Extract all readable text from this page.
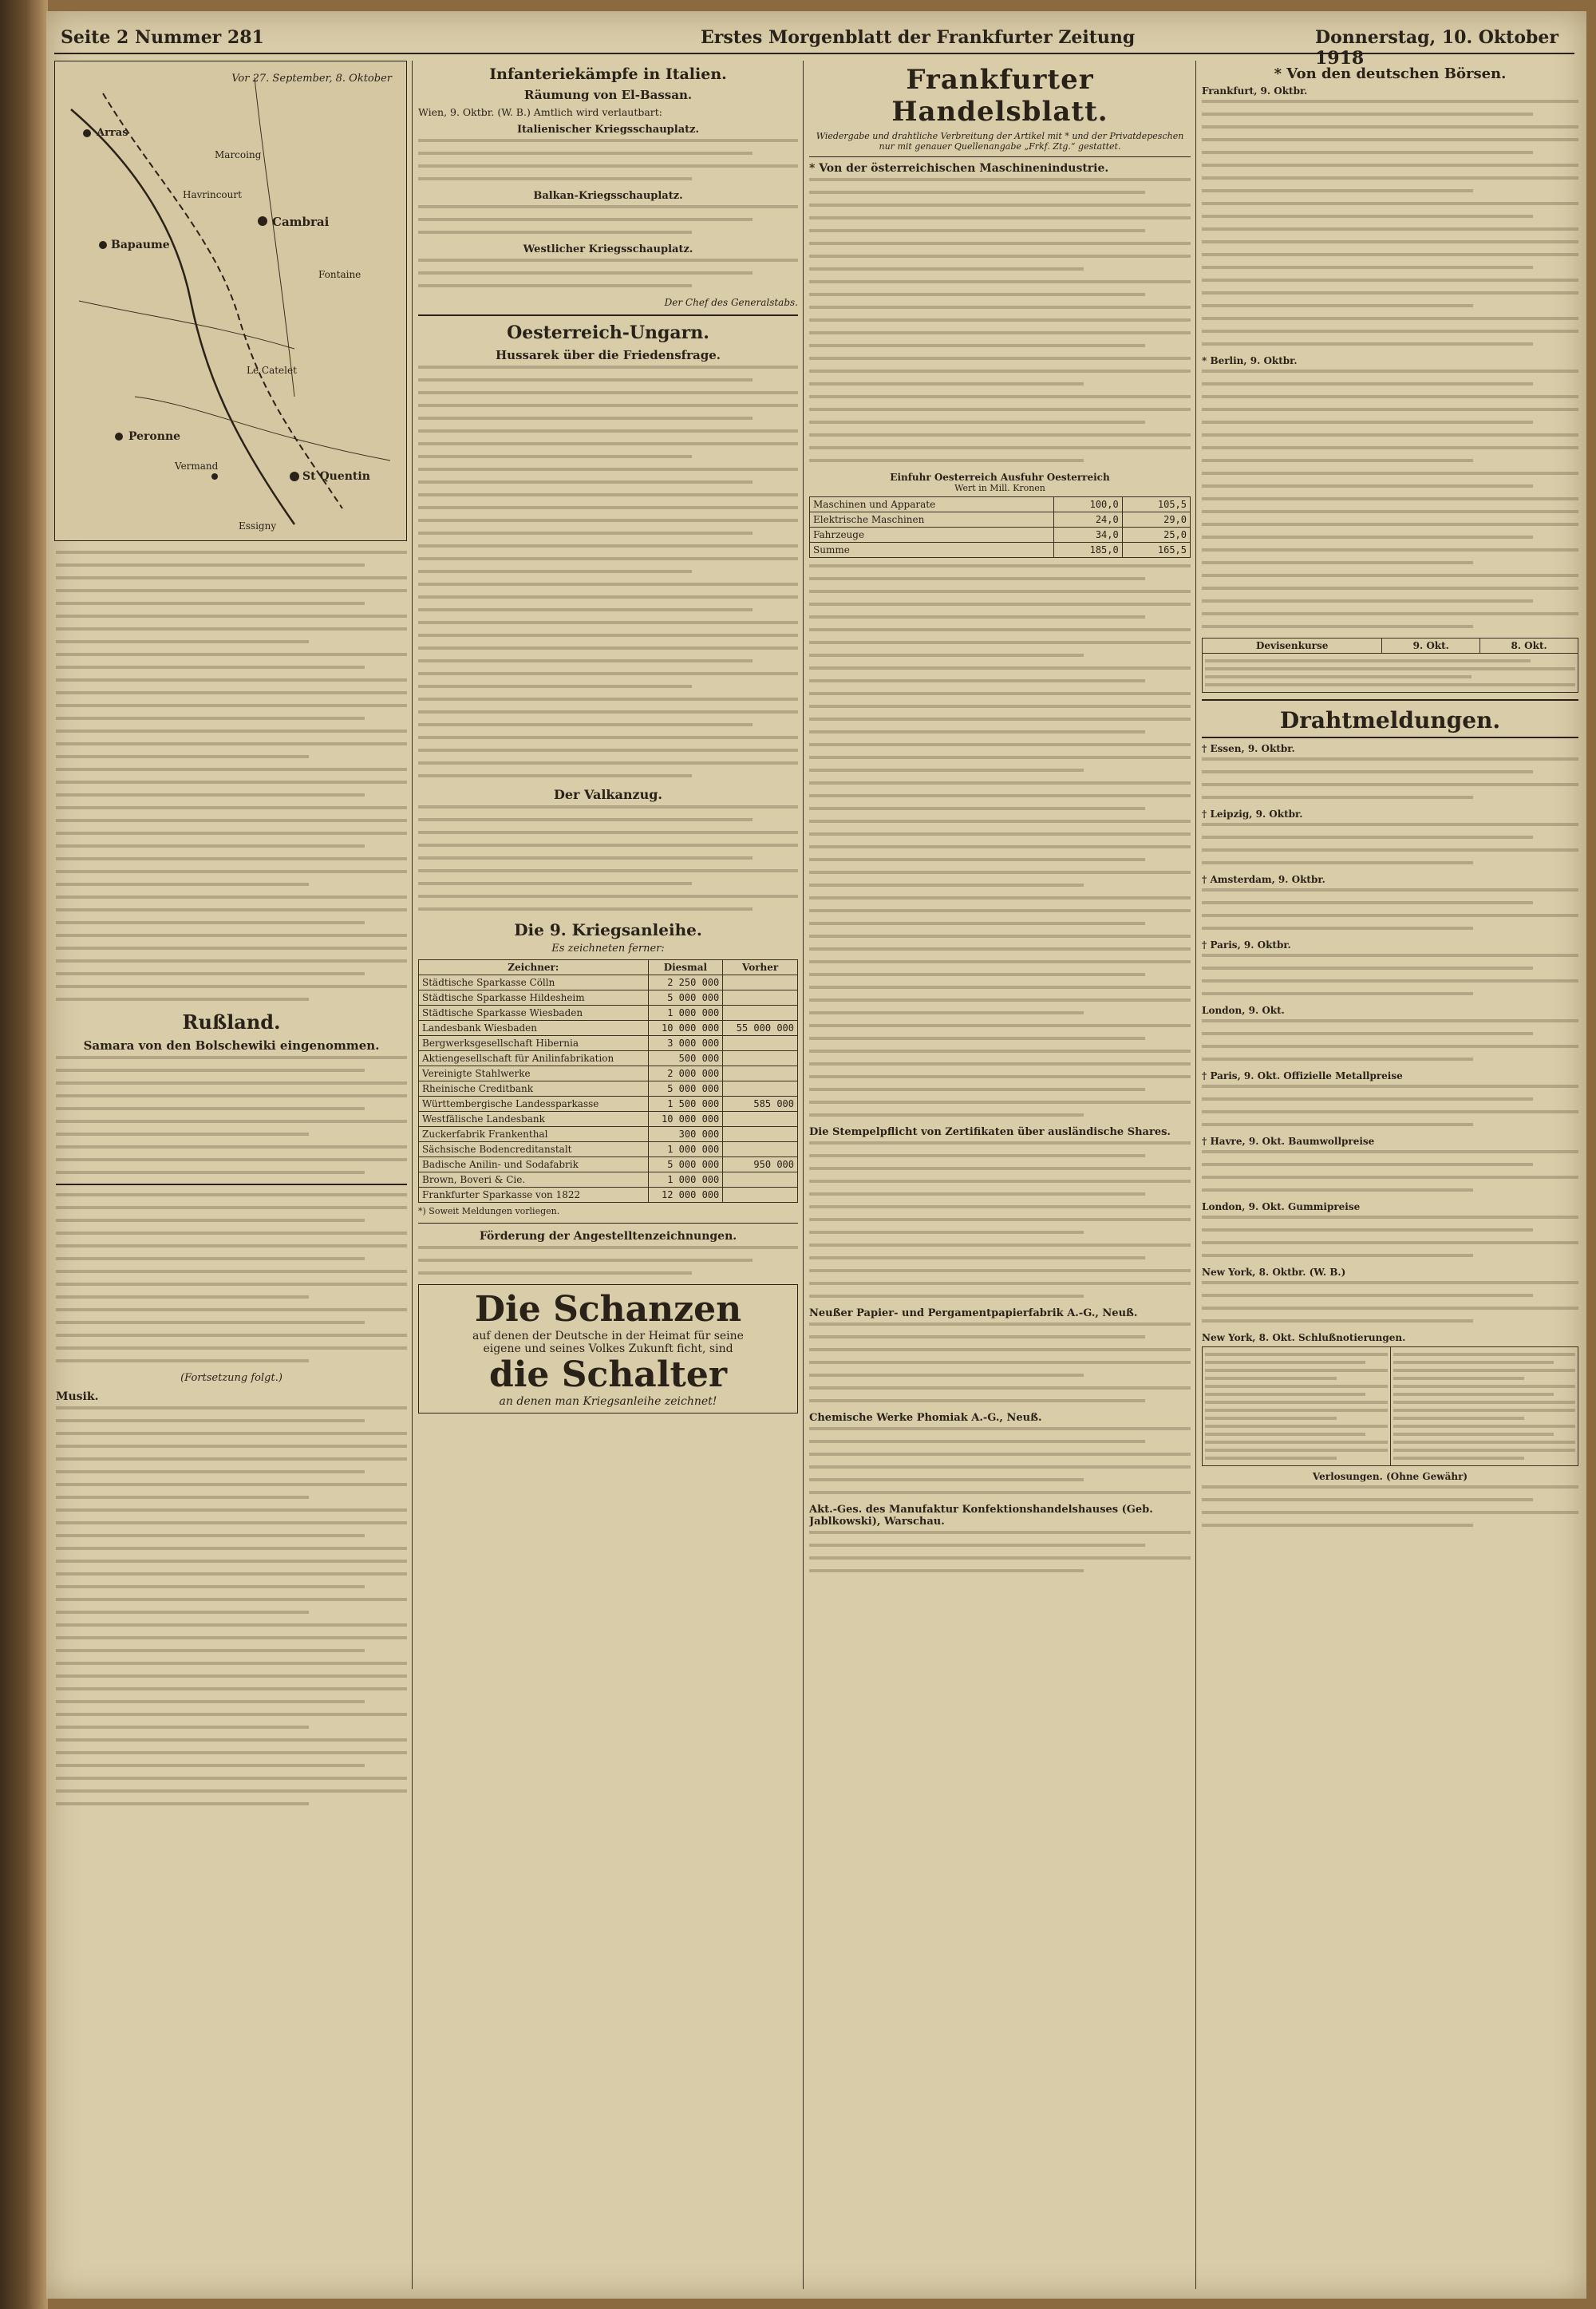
Seite 2 Nummer 281	Erstes Morgenblatt der Frankfurter Zeitung	Donnerstag, 10. Oktober 1918
Vor 27. September, 8. Oktober
Arras
Bapaume
Cambrai
Peronne
St Quentin
Vermand
Fontaine
Le Catelet
Marcoing
Havrincourt
Essigny
Rußland.
Samara von den Bolschewiki eingenommen.
(Fortsetzung folgt.)
Musik.
Infanteriekämpfe in Italien.
Räumung von El-Bassan.
Wien, 9. Oktbr. (W. B.) Amtlich wird verlautbart:
Italienischer Kriegsschauplatz.
Balkan-Kriegsschauplatz.
Westlicher Kriegsschauplatz.
Der Chef des Generalstabs.
Oesterreich-Ungarn.
Hussarek über die Friedensfrage.
Der Valkanzug.
Die 9. Kriegsanleihe.
Es zeichneten ferner:
Zeichner:	Diesmal	Vorher
Städtische Sparkasse Cölln	2 250 000	
Städtische Sparkasse Hildesheim	5 000 000	
Städtische Sparkasse Wiesbaden	1 000 000	
Landesbank Wiesbaden	10 000 000	55 000 000
Bergwerksgesellschaft Hibernia	3 000 000	
Aktiengesellschaft für Anilinfabrikation	500 000	
Vereinigte Stahlwerke	2 000 000	
Rheinische Creditbank	5 000 000	
Württembergische Landessparkasse	1 500 000	585 000
Westfälische Landesbank	10 000 000	
Zuckerfabrik Frankenthal	300 000	
Sächsische Bodencreditanstalt	1 000 000	
Badische Anilin- und Sodafabrik	5 000 000	950 000
Brown, Boveri & Cie.	1 000 000	
Frankfurter Sparkasse von 1822	12 000 000	
*) Soweit Meldungen vorliegen.
Förderung der Angestelltenzeichnungen.
Die Schanzen
auf denen der Deutsche in der Heimat für seine
eigene und seines Volkes Zukunft ficht, sind
die Schalter
an denen man Kriegsanleihe zeichnet!
Frankfurter Handelsblatt.
Wiedergabe und drahtliche Verbreitung der Artikel mit * und der Privatdepeschen nur mit genauer Quellenangabe „Frkf. Ztg.“ gestattet.
* Von der österreichischen Maschinenindustrie.
Einfuhr Oesterreich Ausfuhr Oesterreich
Wert in Mill. Kronen
Maschinen und Apparate	100,0	105,5
Elektrische Maschinen	24,0	29,0
Fahrzeuge	34,0	25,0
Summe	185,0	165,5
Die Stempelpflicht von Zertifikaten über ausländische Shares.
Neußer Papier- und Pergamentpapierfabrik A.-G., Neuß.
Chemische Werke Phomiak A.-G., Neuß.
Akt.-Ges. des Manufaktur Konfektionshandelshauses (Geb. Jablkowski), Warschau.
* Von den deutschen Börsen.
Frankfurt, 9. Oktbr.
* Berlin, 9. Oktbr.
Devisenkurse	9. Okt.	8. Okt.

Drahtmeldungen.
† Essen, 9. Oktbr.
† Leipzig, 9. Oktbr.
† Amsterdam, 9. Oktbr.
† Paris, 9. Oktbr.
London, 9. Okt.
† Paris, 9. Okt. Offizielle Metallpreise
† Havre, 9. Okt. Baumwollpreise
London, 9. Okt. Gummipreise
New York, 8. Oktbr. (W. B.)
New York, 8. Okt. Schlußnotierungen.

Verlosungen. (Ohne Gewähr)
